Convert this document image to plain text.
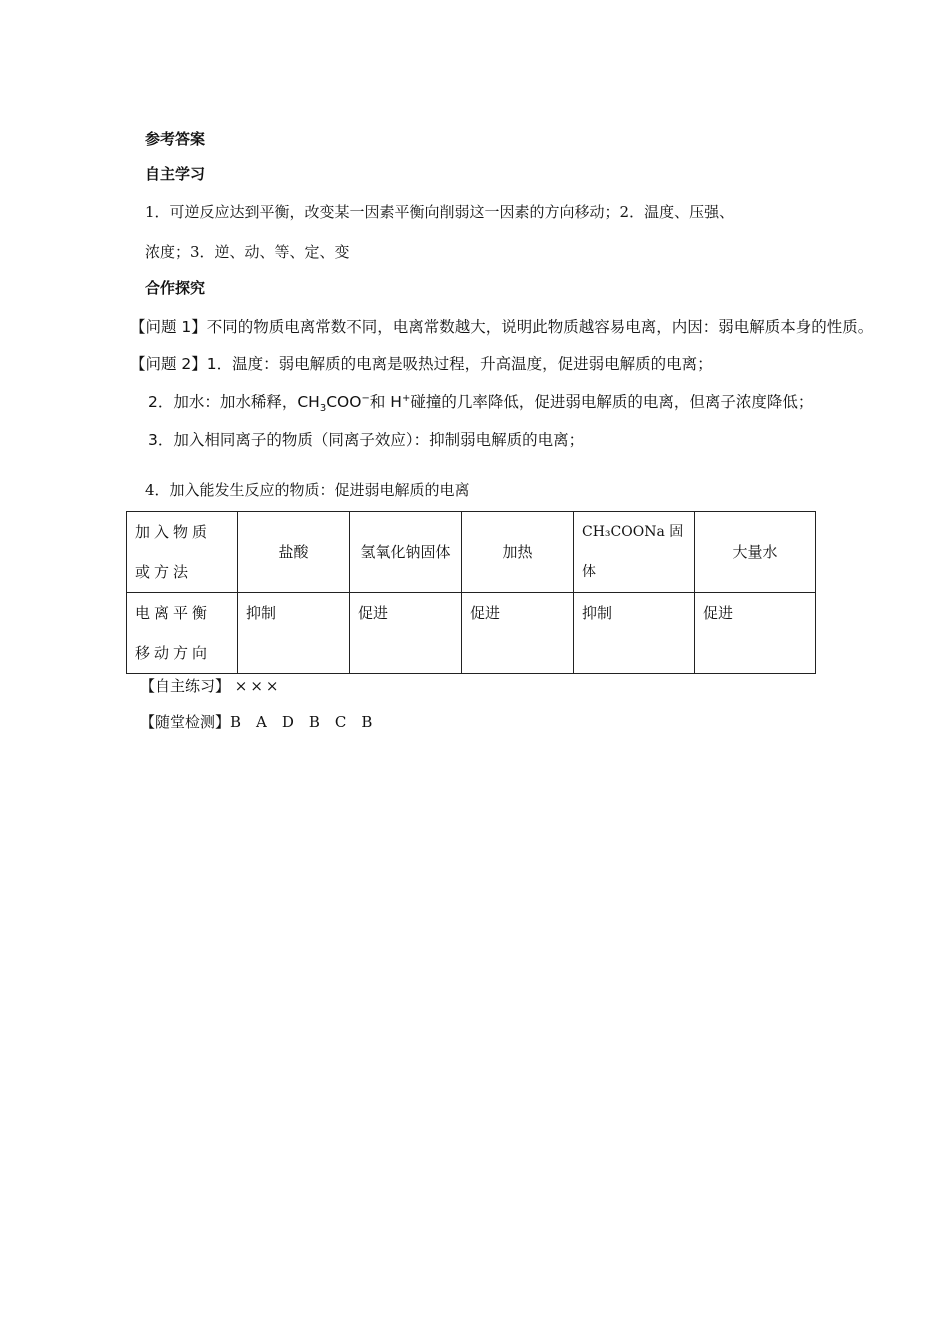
参考答案
自主学习
1．可逆反应达到平衡，改变某一因素平衡向削弱这一因素的方向移动；2．温度、压强、
浓度；3．逆、动、等、定、变
合作探究
【问题 1】不同的物质电离常数不同，电离常数越大，说明此物质越容易电离，内因：弱电解质本身的性质。
【问题 2】1．温度：弱电解质的电离是吸热过程，升高温度，促进弱电解质的电离；
2．加水：加水稀释，$CH_3COO^-$和 H+碰撞的几率降低，促进弱电解质的电离，但离子浓度降低；
3．加入相同离子的物质（同离子效应）：抑制弱电解质的电离；
4．加入能发生反应的物质：促进弱电解质的电离
加入物质或方法	盐酸	氢氧化钠固体	加热	CH₃COONa 固体	大量水
电离平衡移动方向	抑制	促进	促进	抑制	促进
【自主练习】 ×××
【随堂检测】B　A　D　B　C　B
